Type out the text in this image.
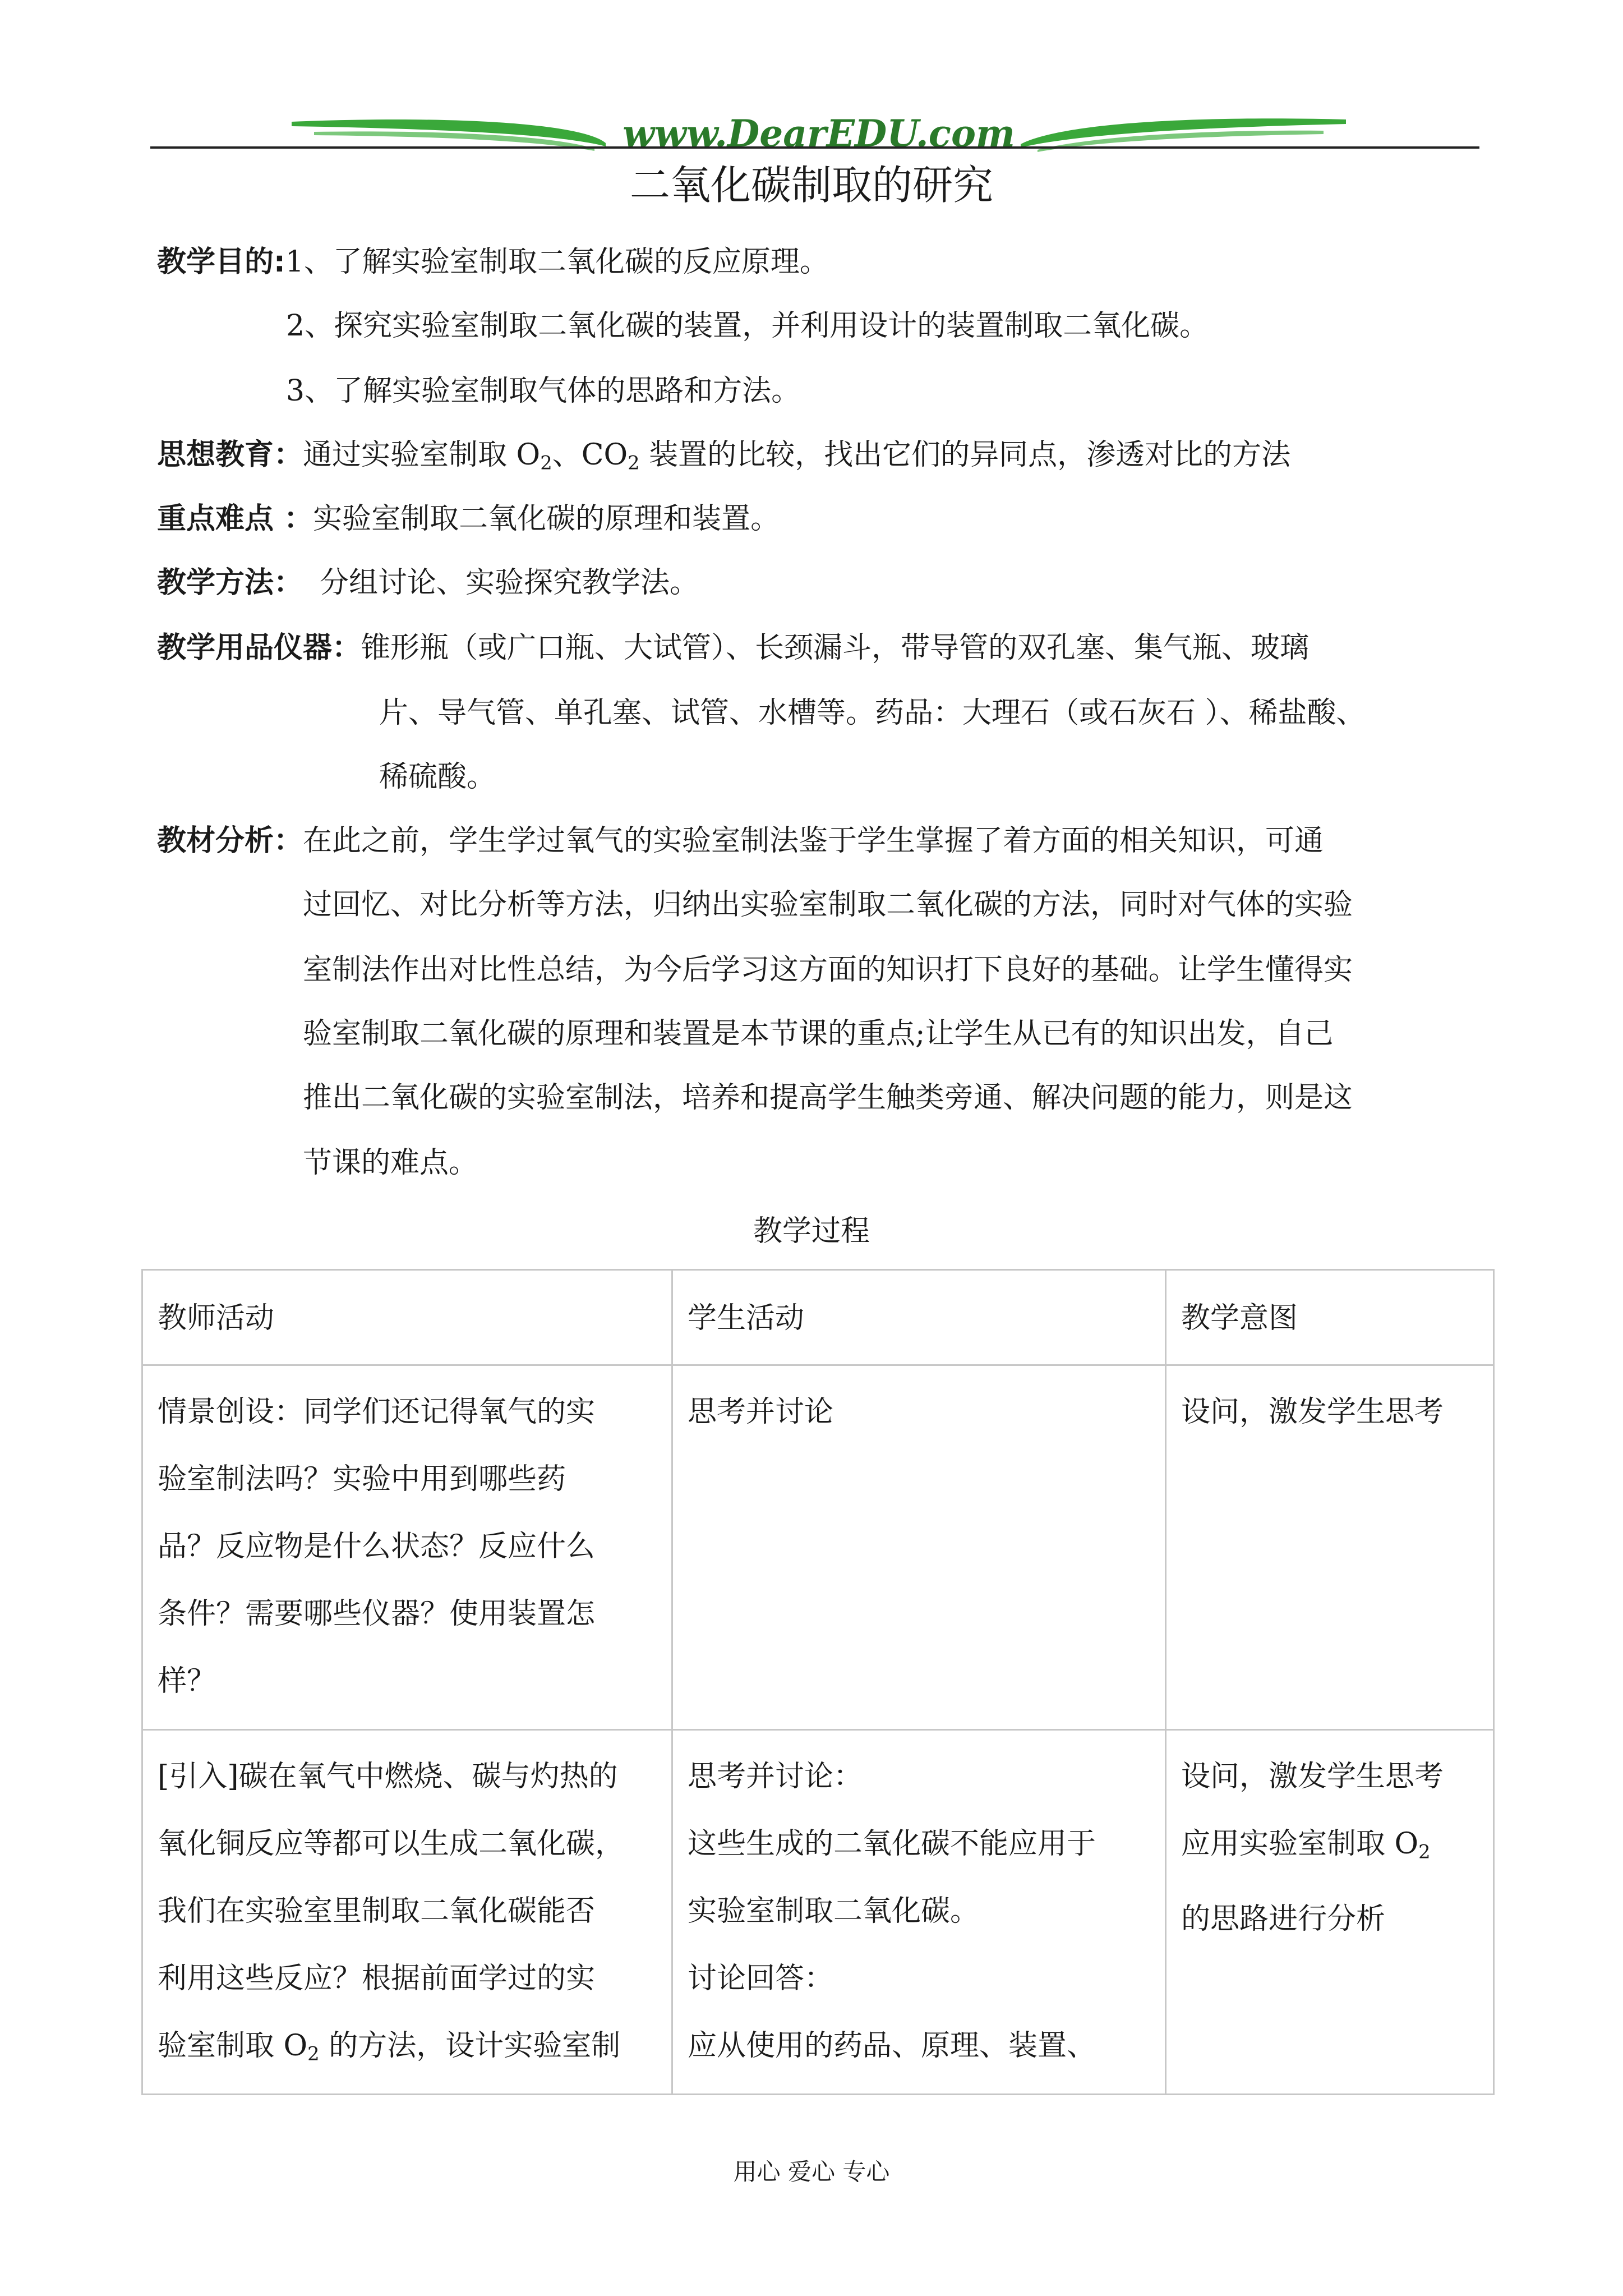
www.DearEDU.com
二氧化碳制取的研究
教学目的:1、了解实验室制取二氧化碳的反应原理。
2、探究实验室制取二氧化碳的装置，并利用设计的装置制取二氧化碳。
3、了解实验室制取气体的思路和方法。
思想教育：通过实验室制取 $O_2$、$CO_2$ 装置的比较，找出它们的异同点，渗透对比的方法
重点难点 ：实验室制取二氧化碳的原理和装置。
教学方法： 分组讨论、实验探究教学法。
教学用品仪器：锥形瓶（或广口瓶、大试管）、长颈漏斗，带导管的双孔塞、集气瓶、玻璃
片、导气管、单孔塞、试管、水槽等。药品：大理石（或石灰石 ）、稀盐酸、
稀硫酸。
教材分析：在此之前，学生学过氧气的实验室制法鉴于学生掌握了着方面的相关知识，可通
过回忆、对比分析等方法，归纳出实验室制取二氧化碳的方法，同时对气体的实验
室制法作出对比性总结，为今后学习这方面的知识打下良好的基础。让学生懂得实
验室制取二氧化碳的原理和装置是本节课的重点;让学生从已有的知识出发，自己
推出二氧化碳的实验室制法，培养和提高学生触类旁通、解决问题的能力，则是这
节课的难点。
教学过程
教师活动	学生活动	教学意图

情景创设：同学们还记得氧气的实
验室制法吗？实验中用到哪些药
品？反应物是什么状态？反应什么
条件？需要哪些仪器？使用装置怎
样？	思考并讨论	设问，激发学生思考

[引入]碳在氧气中燃烧、碳与灼热的
氧化铜反应等都可以生成二氧化碳，
我们在实验室里制取二氧化碳能否
利用这些反应？根据前面学过的实
验室制取 $O_2$ 的方法，设计实验室制	思考并讨论：
这些生成的二氧化碳不能应用于
实验室制取二氧化碳。
讨论回答：
应从使用的药品、原理、装置、	设问，激发学生思考
应用实验室制取 $O_2$
的思路进行分析
用心 爱心 专心
